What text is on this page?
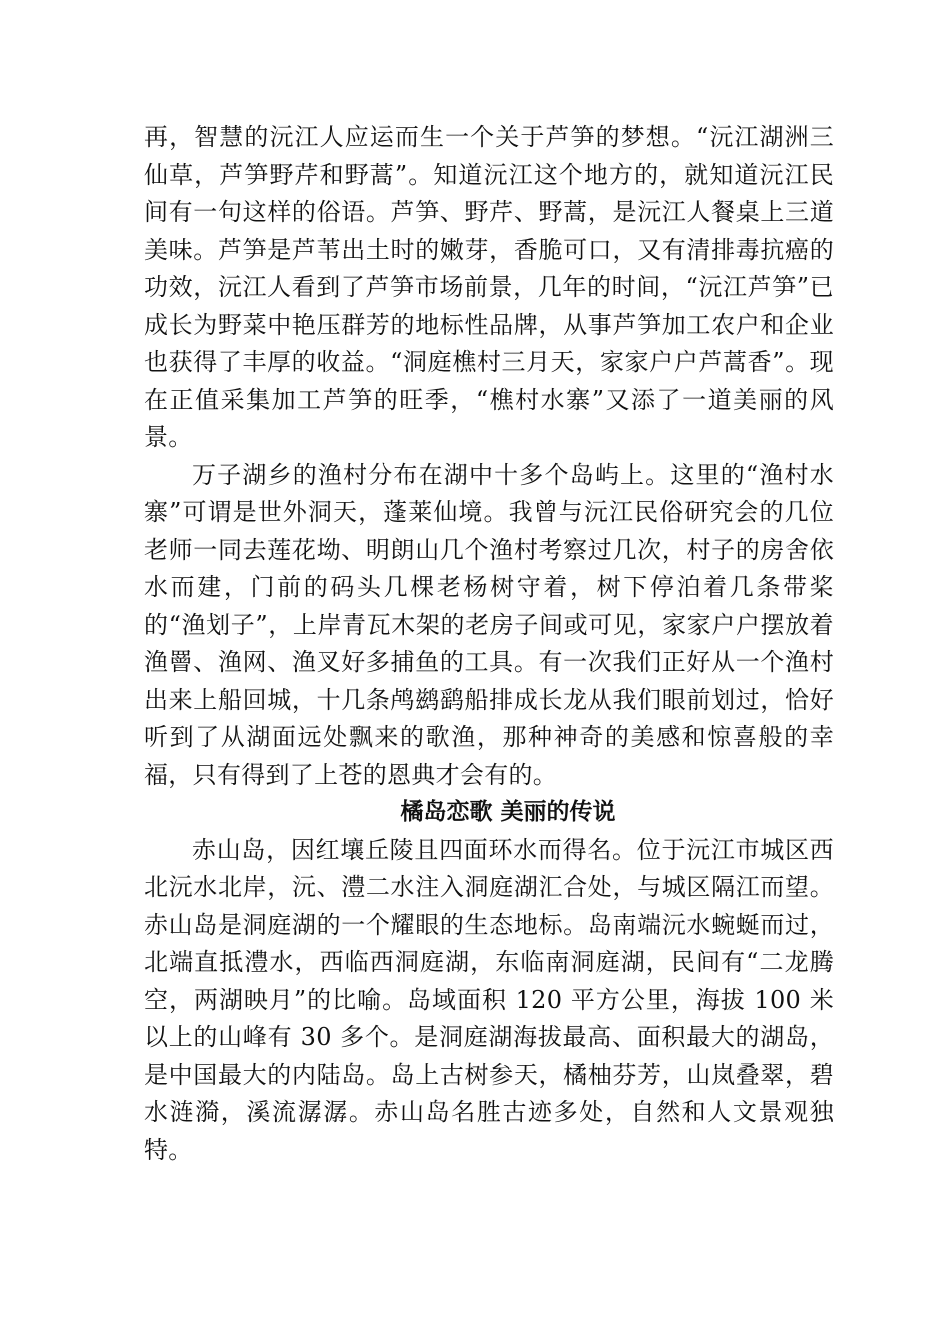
再，智慧的沅江人应运而生一个关于芦笋的梦想。“沅江湖洲三仙草，芦笋野芹和野蒿”。知道沅江这个地方的，就知道沅江民间有一句这样的俗语。芦笋、野芹、野蒿，是沅江人餐桌上三道美味。芦笋是芦苇出土时的嫩芽，香脆可口，又有清排毒抗癌的功效，沅江人看到了芦笋市场前景，几年的时间，“沅江芦笋”已成长为野菜中艳压群芳的地标性品牌，从事芦笋加工农户和企业也获得了丰厚的收益。“洞庭樵村三月天，家家户户芦蒿香”。现在正值采集加工芦笋的旺季，“樵村水寨”又添了一道美丽的风景。

万子湖乡的渔村分布在湖中十多个岛屿上。这里的“渔村水寨”可谓是世外洞天，蓬莱仙境。我曾与沅江民俗研究会的几位老师一同去莲花坳、明朗山几个渔村考察过几次，村子的房舍依水而建，门前的码头几棵老杨树守着，树下停泊着几条带桨的“渔划子”，上岸青瓦木架的老房子间或可见，家家户户摆放着渔罾、渔网、渔叉好多捕鱼的工具。有一次我们正好从一个渔村出来上船回城，十几条鸬鹚鹞船排成长龙从我们眼前划过，恰好听到了从湖面远处飘来的歌渔，那种神奇的美感和惊喜般的幸福，只有得到了上苍的恩典才会有的。

橘岛恋歌 美丽的传说

赤山岛，因红壤丘陵且四面环水而得名。位于沅江市城区西北沅水北岸，沅、澧二水注入洞庭湖汇合处，与城区隔江而望。赤山岛是洞庭湖的一个耀眼的生态地标。岛南端沅水蜿蜒而过，北端直抵澧水，西临西洞庭湖，东临南洞庭湖，民间有“二龙腾空，两湖映月”的比喻。岛域面积 120 平方公里，海拔 100 米以上的山峰有 30 多个。是洞庭湖海拔最高、面积最大的湖岛，是中国最大的内陆岛。岛上古树参天，橘柚芬芳，山岚叠翠，碧水涟漪，溪流潺潺。赤山岛名胜古迹多处，自然和人文景观独特。
